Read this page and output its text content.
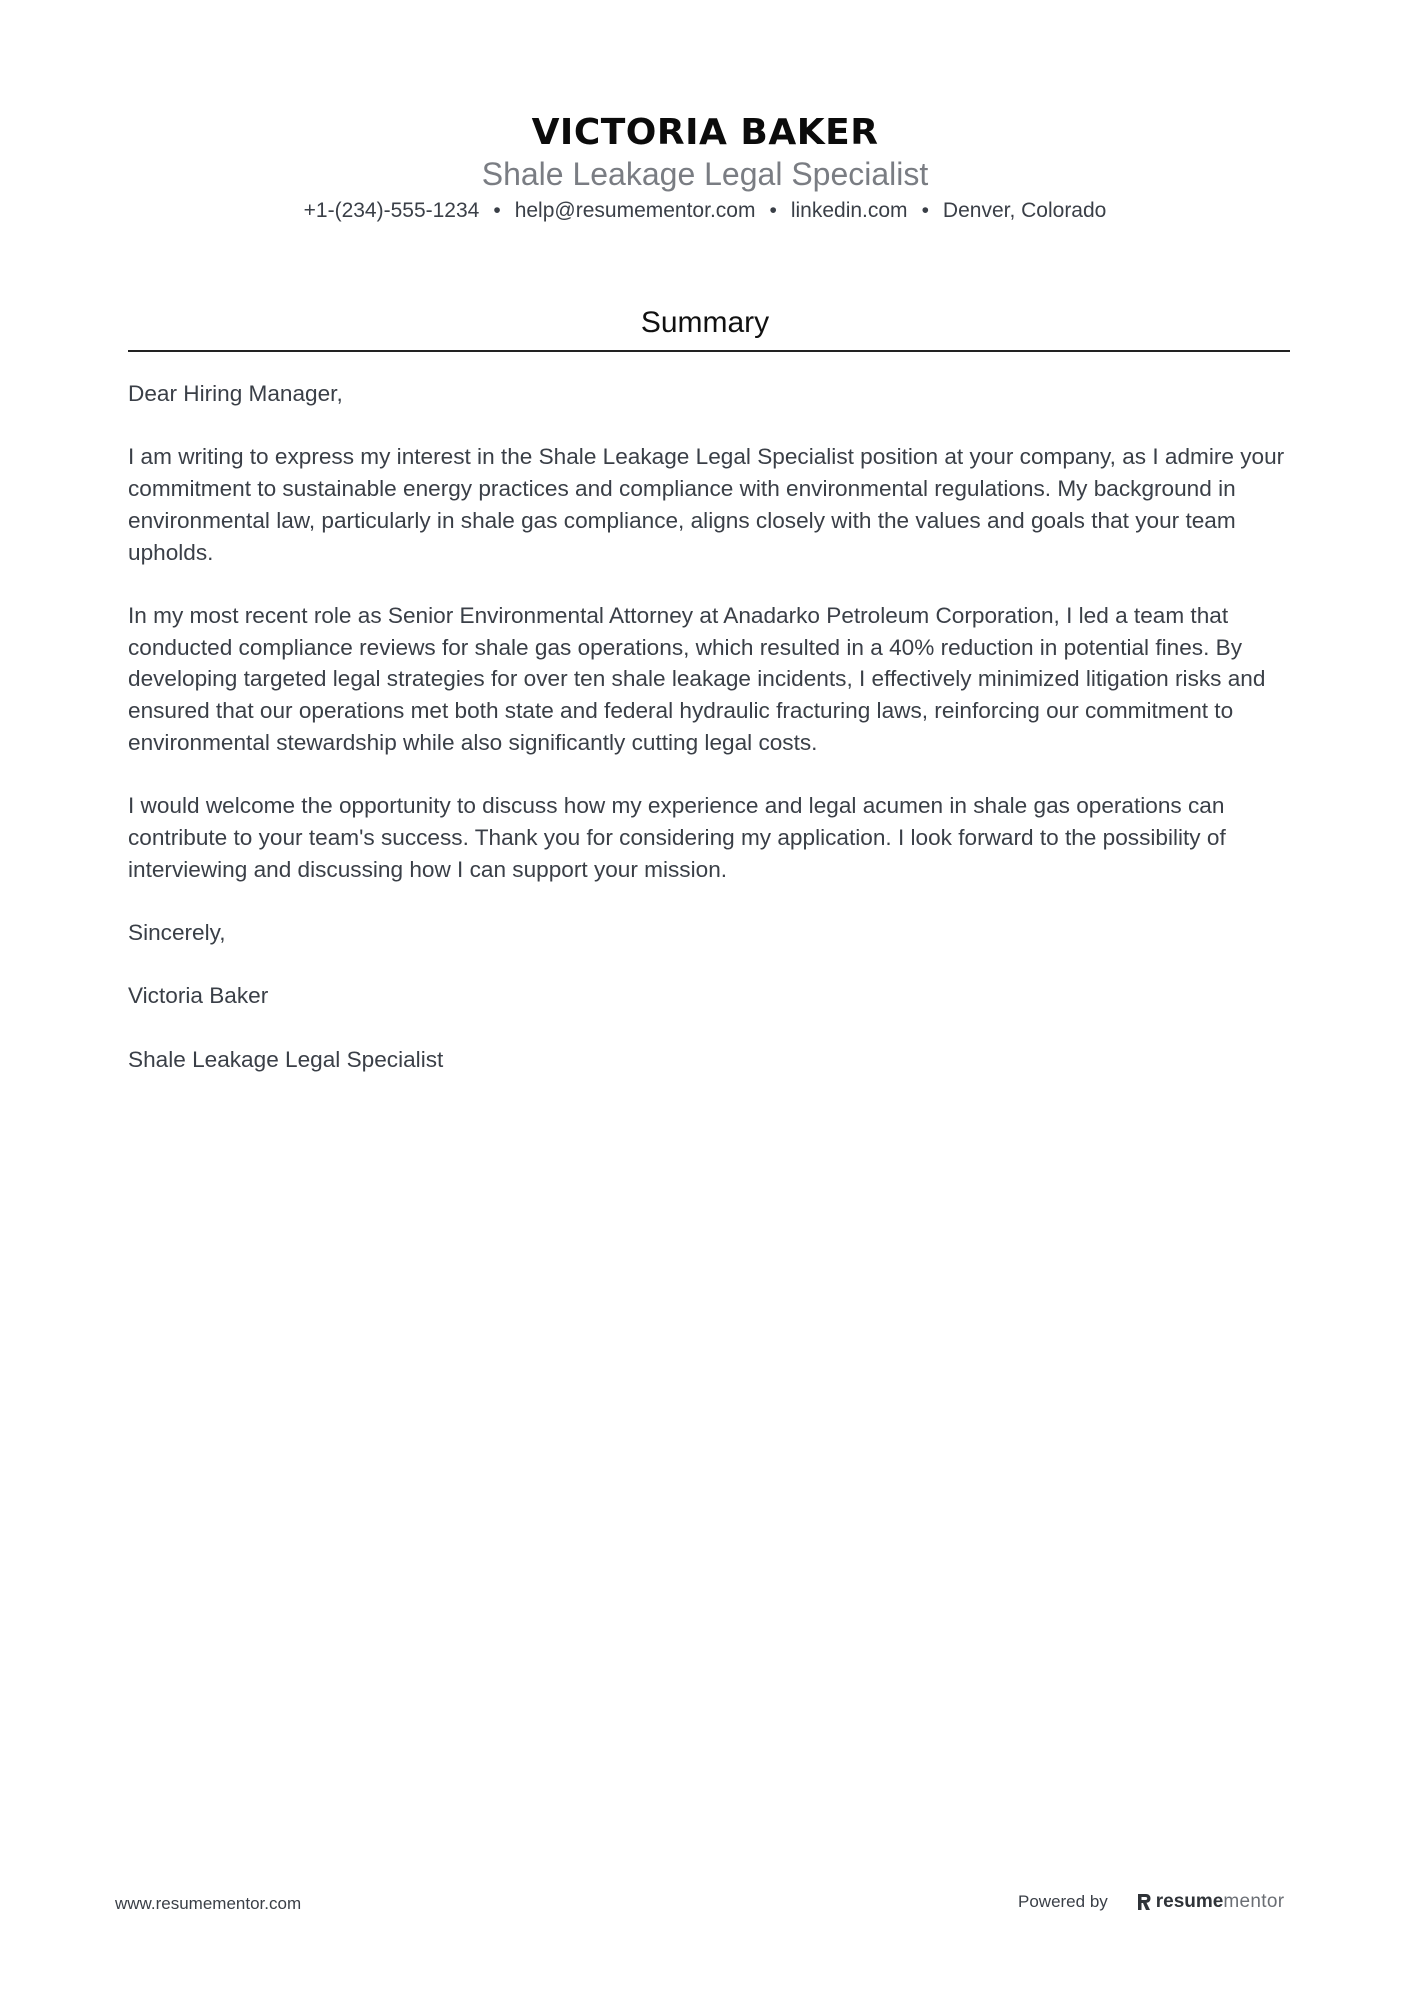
VICTORIA BAKER
Shale Leakage Legal Specialist
+1-(234)-555-1234 • help@resumementor.com • linkedin.com • Denver, Colorado
Summary

Dear Hiring Manager,

I am writing to express my interest in the Shale Leakage Legal Specialist position at your company, as I admire your commitment to sustainable energy practices and compliance with environmental regulations. My background in environmental law, particularly in shale gas compliance, aligns closely with the values and goals that your team upholds.

In my most recent role as Senior Environmental Attorney at Anadarko Petroleum Corporation, I led a team that conducted compliance reviews for shale gas operations, which resulted in a 40% reduction in potential fines. By developing targeted legal strategies for over ten shale leakage incidents, I effectively minimized litigation risks and ensured that our operations met both state and federal hydraulic fracturing laws, reinforcing our commitment to environmental stewardship while also significantly cutting legal costs.

I would welcome the opportunity to discuss how my experience and legal acumen in shale gas operations can contribute to your team's success. Thank you for considering my application. I look forward to the possibility of interviewing and discussing how I can support your mission.

Sincerely,

Victoria Baker

Shale Leakage Legal Specialist

www.resumementor.com	Powered by	resume mentor
